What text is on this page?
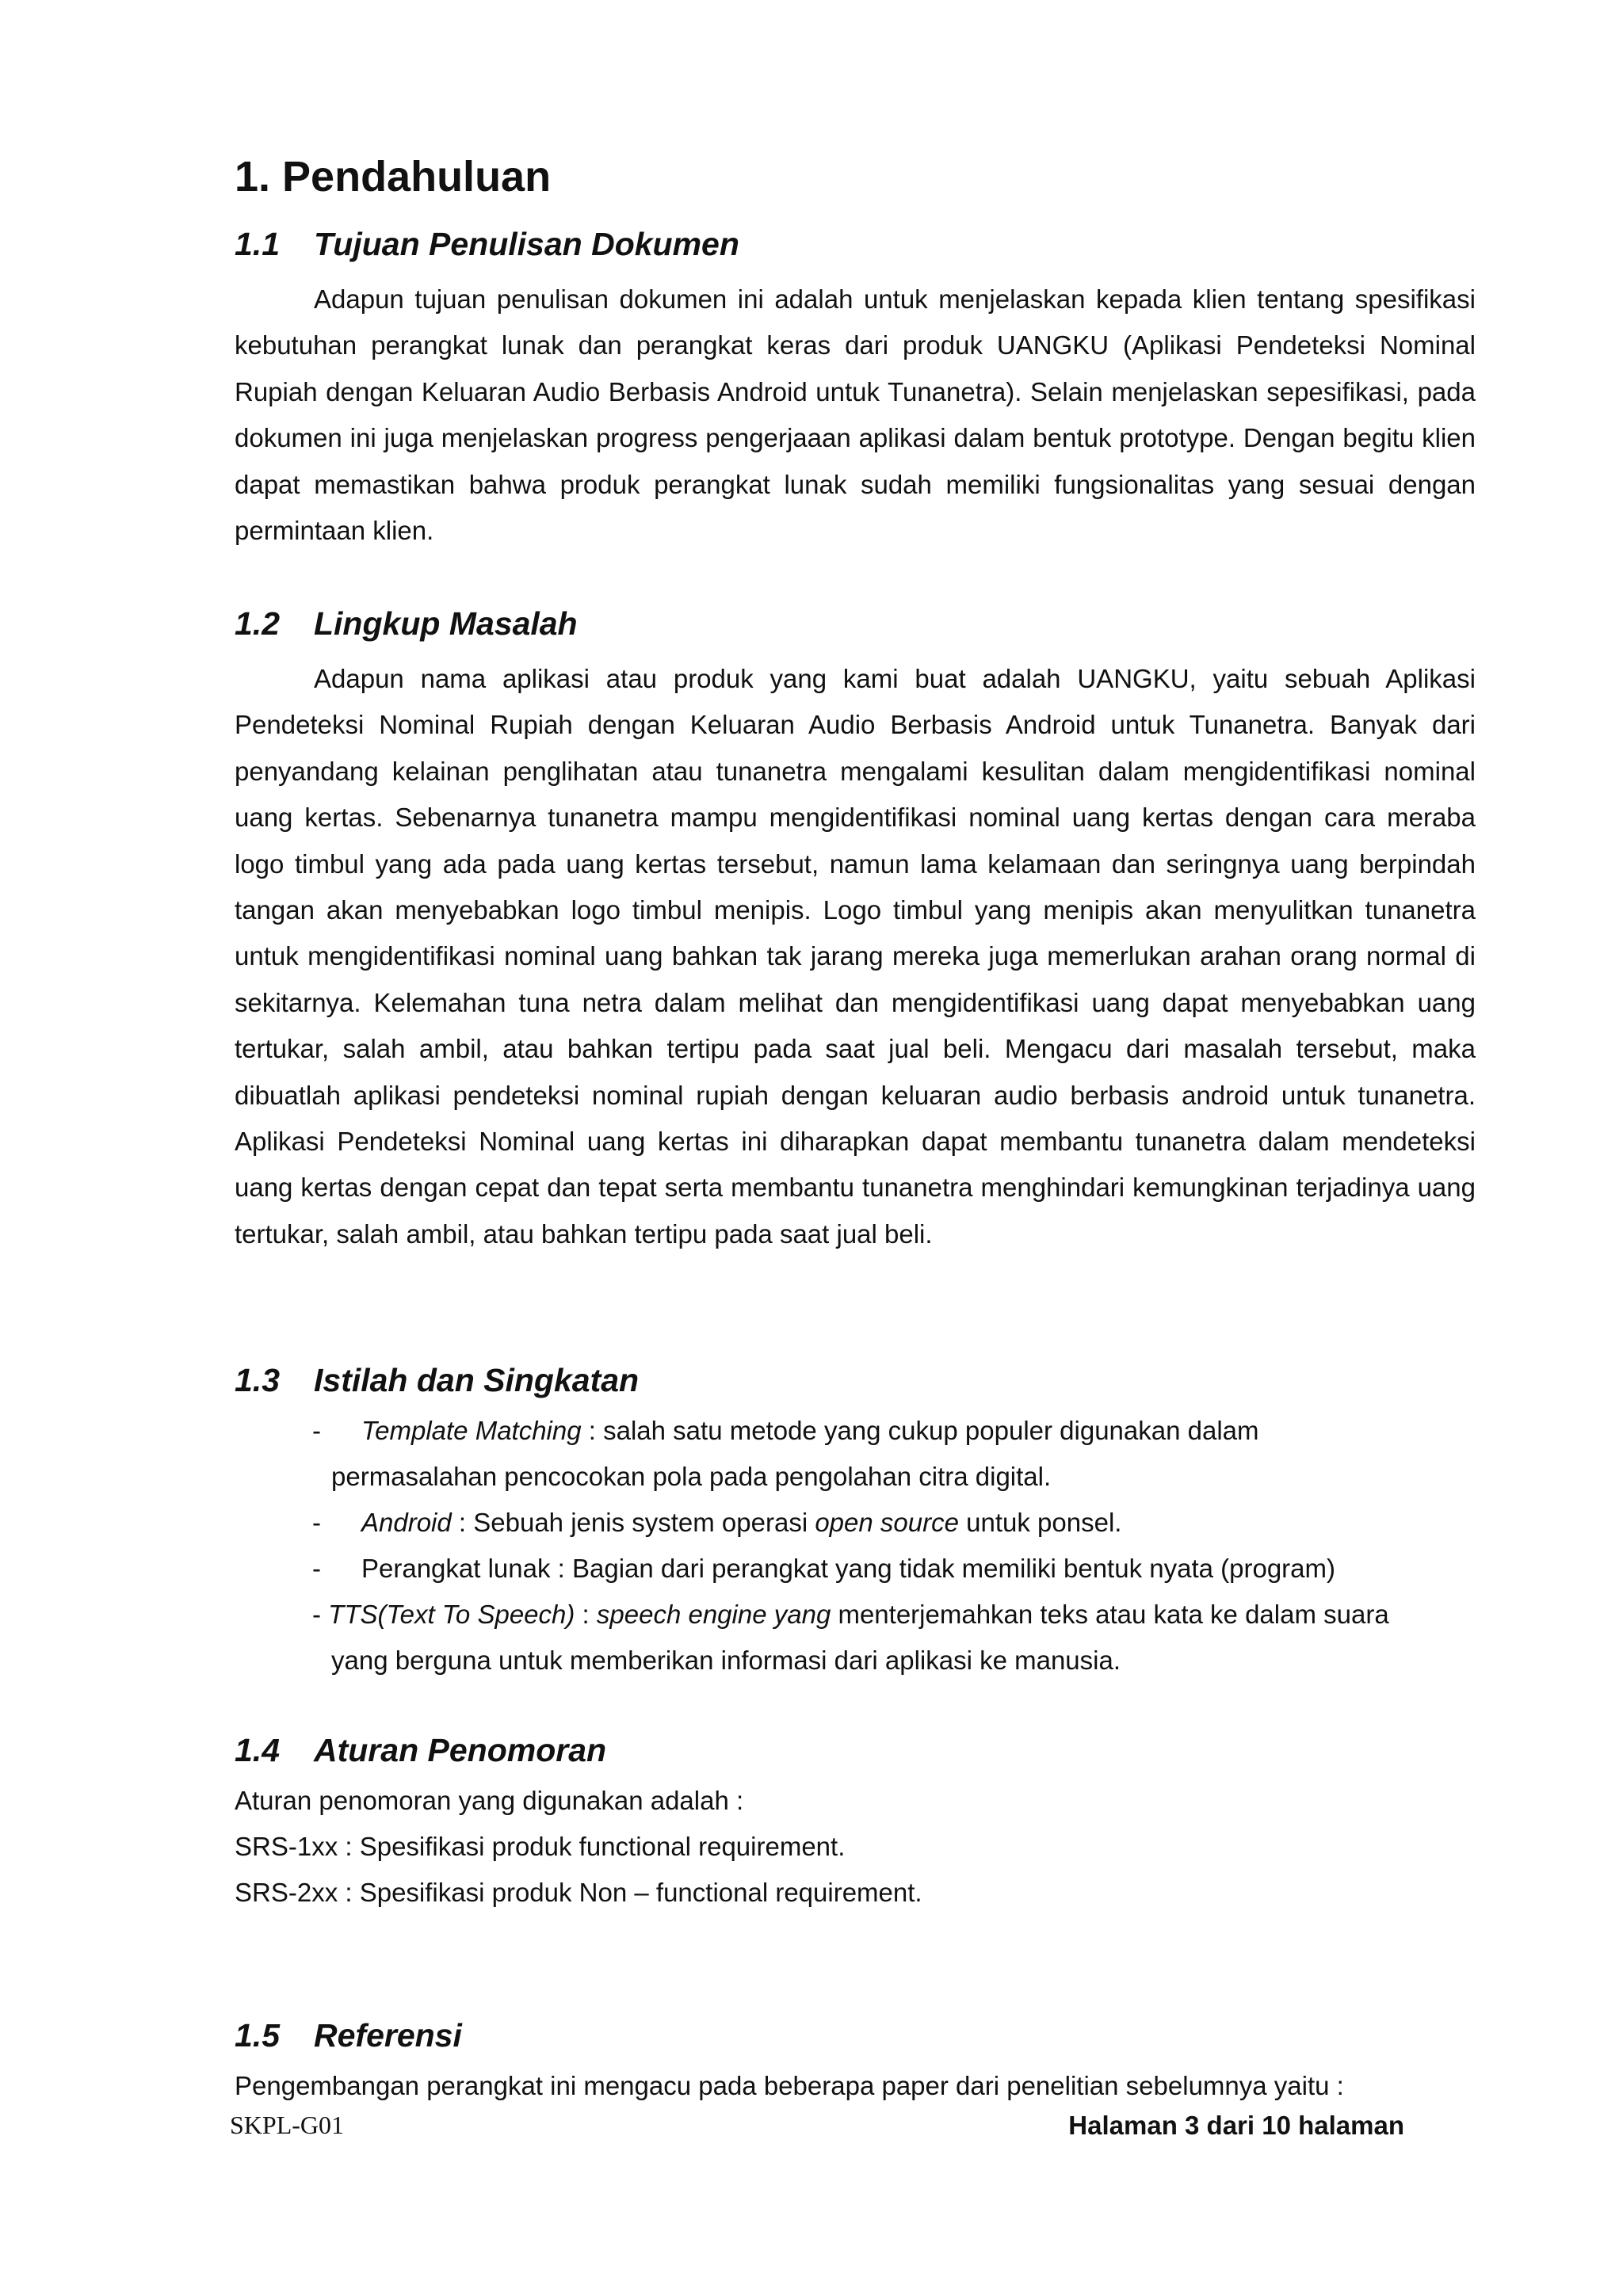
1. Pendahuluan
1.1 Tujuan Penulisan Dokumen
Adapun tujuan penulisan dokumen ini adalah untuk menjelaskan kepada klien tentang spesifikasi kebutuhan perangkat lunak dan perangkat keras dari produk UANGKU (Aplikasi Pendeteksi Nominal Rupiah dengan Keluaran Audio Berbasis Android untuk Tunanetra). Selain menjelaskan sepesifikasi, pada dokumen ini juga menjelaskan progress pengerjaaan aplikasi dalam bentuk prototype. Dengan begitu klien dapat memastikan bahwa produk perangkat lunak sudah memiliki fungsionalitas yang sesuai dengan permintaan klien.
1.2 Lingkup Masalah
Adapun nama aplikasi atau produk yang kami buat adalah UANGKU, yaitu sebuah Aplikasi Pendeteksi Nominal Rupiah dengan Keluaran Audio Berbasis Android untuk Tunanetra. Banyak dari penyandang kelainan penglihatan atau tunanetra mengalami kesulitan dalam mengidentifikasi nominal uang kertas. Sebenarnya tunanetra mampu mengidentifikasi nominal uang kertas dengan cara meraba logo timbul yang ada pada uang kertas tersebut, namun lama kelamaan dan seringnya uang berpindah tangan akan menyebabkan logo timbul menipis. Logo timbul yang menipis akan menyulitkan tunanetra untuk mengidentifikasi nominal uang bahkan tak jarang mereka juga memerlukan arahan orang normal di sekitarnya. Kelemahan tuna netra dalam melihat dan mengidentifikasi uang dapat menyebabkan uang tertukar, salah ambil, atau bahkan tertipu pada saat jual beli. Mengacu dari masalah tersebut, maka dibuatlah aplikasi pendeteksi nominal rupiah dengan keluaran audio berbasis android untuk tunanetra. Aplikasi Pendeteksi Nominal uang kertas ini diharapkan dapat membantu tunanetra dalam mendeteksi uang kertas dengan cepat dan tepat serta membantu tunanetra menghindari kemungkinan terjadinya uang tertukar, salah ambil, atau bahkan tertipu pada saat jual beli.
1.3 Istilah dan Singkatan
- Template Matching : salah satu metode yang cukup populer digunakan dalam
permasalahan pencocokan pola pada pengolahan citra digital.
- Android : Sebuah jenis system operasi open source untuk ponsel.
- Perangkat lunak : Bagian dari perangkat yang tidak memiliki bentuk nyata (program)
- TTS(Text To Speech) : speech engine yang menterjemahkan teks atau kata ke dalam suara
yang berguna untuk memberikan informasi dari aplikasi ke manusia.
1.4 Aturan Penomoran
Aturan penomoran yang digunakan adalah :
SRS-1xx : Spesifikasi produk functional requirement.
SRS-2xx : Spesifikasi produk Non – functional requirement.
1.5 Referensi
Pengembangan perangkat ini mengacu pada beberapa paper dari penelitian sebelumnya yaitu :
SKPL-G01	Halaman 3 dari 10 halaman
